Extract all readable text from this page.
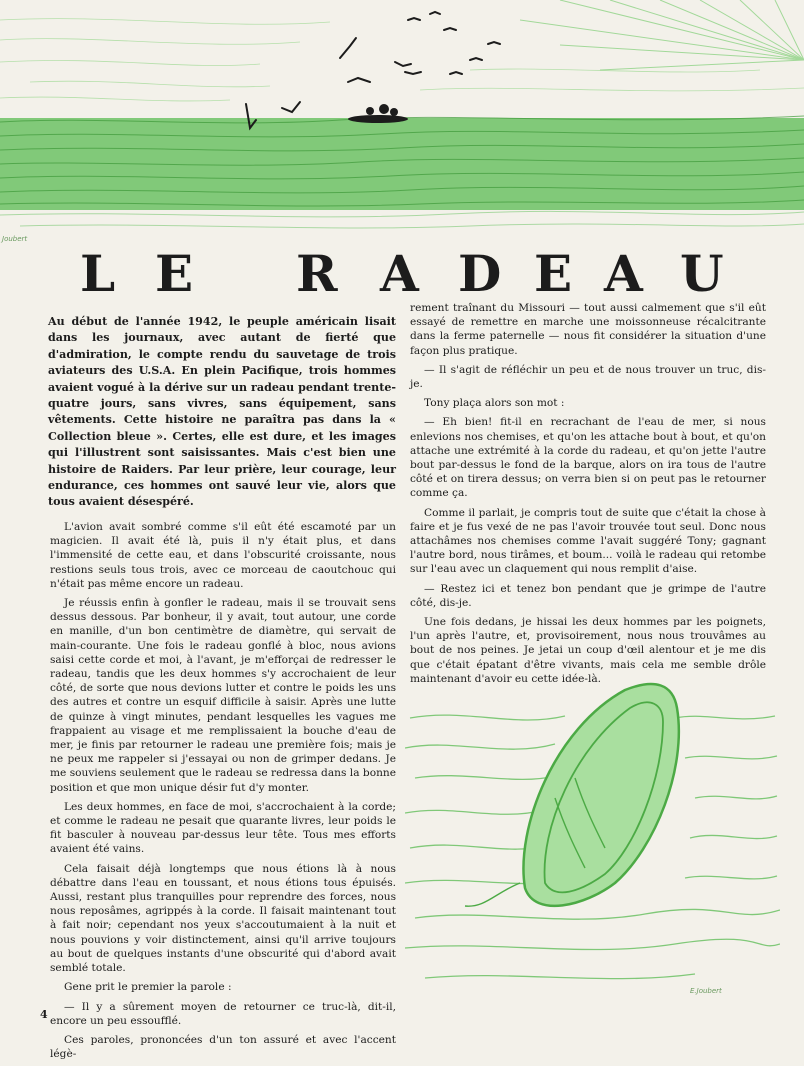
Joubert
L E R A D E A U

Au début de l'année 1942, le peuple américain lisait dans les journaux, avec autant de fierté que d'admiration, le compte rendu du sauvetage de trois aviateurs des U.S.A. En plein Pacifique, trois hommes avaient vogué à la dérive sur un radeau pendant trente-quatre jours, sans vivres, sans équipement, sans vêtements. Cette histoire ne paraîtra pas dans la « Collection bleue ». Certes, elle est dure, et les images qui l'illustrent sont saisissantes. Mais c'est bien une histoire de Raiders. Par leur prière, leur courage, leur endurance, ces hommes ont sauvé leur vie, alors que tous avaient désespéré.

L'avion avait sombré comme s'il eût été escamoté par un magicien. Il avait été là, puis il n'y était plus, et dans l'immensité de cette eau, et dans l'obscurité croissante, nous restions seuls tous trois, avec ce morceau de caoutchouc qui n'était pas même encore un radeau.

Je réussis enfin à gonfler le radeau, mais il se trouvait sens dessus dessous. Par bonheur, il y avait, tout autour, une corde en manille, d'un bon centimètre de diamètre, qui servait de main-courante. Une fois le radeau gonflé à bloc, nous avions saisi cette corde et moi, à l'avant, je m'efforçai de redresser le radeau, tandis que les deux hommes s'y accrochaient de leur côté, de sorte que nous devions lutter et contre le poids les uns des autres et contre un esquif difficile à saisir. Après une lutte de quinze à vingt minutes, pendant lesquelles les vagues me frappaient au visage et me remplissaient la bouche d'eau de mer, je finis par retourner le radeau une première fois; mais je ne peux me rappeler si j'essayai ou non de grimper dedans. Je me souviens seulement que le radeau se redressa dans la bonne position et que mon unique désir fut d'y monter.

Les deux hommes, en face de moi, s'accrochaient à la corde; et comme le radeau ne pesait que quarante livres, leur poids le fit basculer à nouveau par-dessus leur tête. Tous mes efforts avaient été vains.

Cela faisait déjà longtemps que nous étions là à nous débattre dans l'eau en toussant, et nous étions tous épuisés. Aussi, restant plus tranquilles pour reprendre des forces, nous nous reposâmes, agrippés à la corde. Il faisait maintenant tout à fait noir; cependant nos yeux s'accoutumaient à la nuit et nous pouvions y voir distinctement, ainsi qu'il arrive toujours au bout de quelques instants d'une obscurité qui d'abord avait semblé totale.

Gene prit le premier la parole :

— Il y a sûrement moyen de retourner ce truc-là, dit-il, encore un peu essoufflé.

Ces paroles, prononcées d'un ton assuré et avec l'accent légè-

rement traînant du Missouri — tout aussi calmement que s'il eût essayé de remettre en marche une moissonneuse récalcitrante dans la ferme paternelle — nous fit considérer la situation d'une façon plus pratique.

— Il s'agit de réfléchir un peu et de nous trouver un truc, dis-je.

Tony plaça alors son mot :

— Eh bien! fit-il en recrachant de l'eau de mer, si nous enlevions nos chemises, et qu'on les attache bout à bout, et qu'on attache une extrémité à la corde du radeau, et qu'on jette l'autre bout par-dessus le fond de la barque, alors on ira tous de l'autre côté et on tirera dessus; on verra bien si on peut pas le retourner comme ça.

Comme il parlait, je compris tout de suite que c'était la chose à faire et je fus vexé de ne pas l'avoir trouvée tout seul. Donc nous attachâmes nos chemises comme l'avait suggéré Tony; gagnant l'autre bord, nous tirâmes, et boum... voilà le radeau qui retombe sur l'eau avec un claquement qui nous remplit d'aise.

— Restez ici et tenez bon pendant que je grimpe de l'autre côté, dis-je.

Une fois dedans, je hissai les deux hommes par les poignets, l'un après l'autre, et, provisoirement, nous nous trouvâmes au bout de nos peines. Je jetai un coup d'œil alentour et je me dis que c'était épatant d'être vivants, mais cela me semble drôle maintenant d'avoir eu cette idée-là.

E.Joubert
4
